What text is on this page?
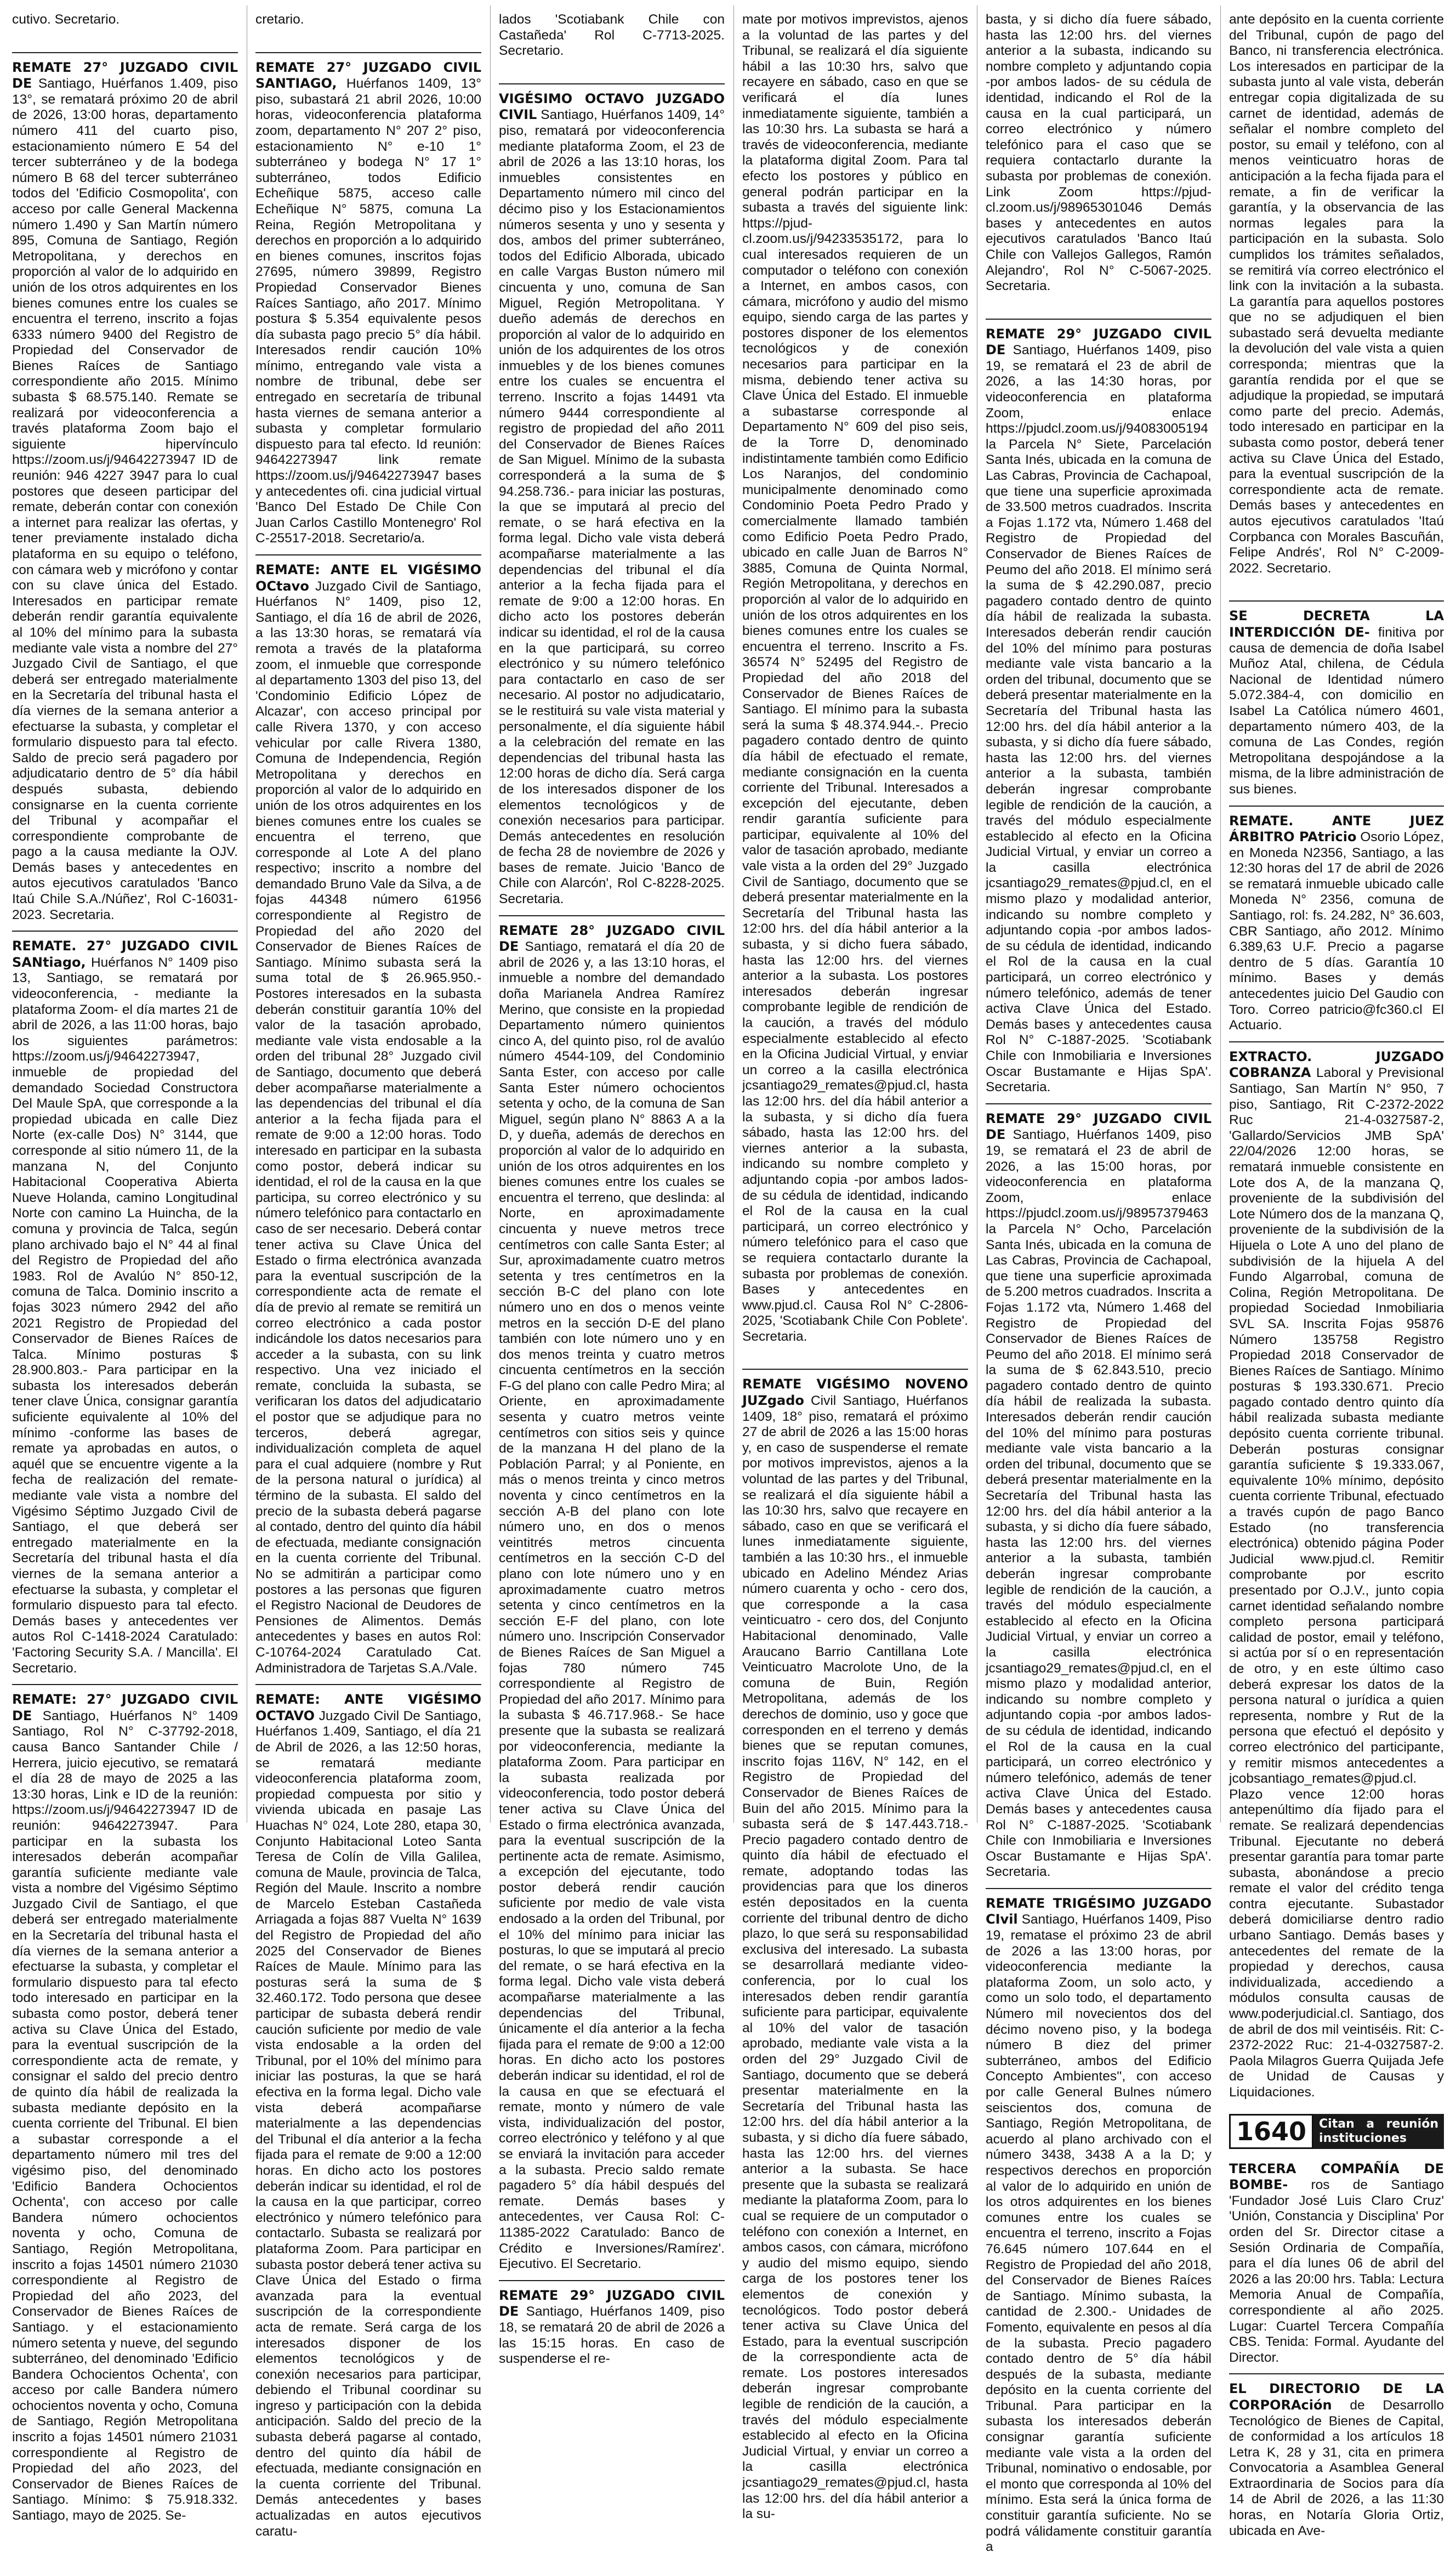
cutivo. Secretario.

REMATE 27° JUZGADO CIVIL DE Santiago, Huérfanos 1.409, piso 13°, se rematará próximo 20 de abril de 2026, 13:00 horas, departamento número 411 del cuarto piso, estacionamiento número E 54 del tercer subterráneo y de la bodega número B 68 del tercer subterráneo todos del 'Edificio Cosmopolita', con acceso por calle General Mackenna número 1.490 y San Martín número 895, Comuna de Santiago, Región Metropolitana, y derechos en proporción al valor de lo adquirido en unión de los otros adquirentes en los bienes comunes entre los cuales se encuentra el terreno, inscrito a fojas 6333 número 9400 del Registro de Propiedad del Conservador de Bienes Raíces de Santiago correspondiente año 2015. Mínimo subasta $ 68.575.140. Remate se realizará por videoconferencia a través plataforma Zoom bajo el siguiente hipervínculo https://zoom.us/j/94642273947 ID de reunión: 946 4227 3947 para lo cual postores que deseen participar del remate, deberán contar con conexión a internet para realizar las ofertas, y tener previamente instalado dicha plataforma en su equipo o teléfono, con cámara web y micrófono y contar con su clave única del Estado. Interesados en participar remate deberán rendir garantía equivalente al 10% del mínimo para la subasta mediante vale vista a nombre del 27° Juzgado Civil de Santiago, el que deberá ser entregado materialmente en la Secretaría del tribunal hasta el día viernes de la semana anterior a efectuarse la subasta, y completar el formulario dispuesto para tal efecto. Saldo de precio será pagadero por adjudicatario dentro de 5° día hábil después subasta, debiendo consignarse en la cuenta corriente del Tribunal y acompañar el correspondiente comprobante de pago a la causa mediante la OJV. Demás bases y antecedentes en autos ejecutivos caratulados 'Banco Itaú Chile S.A./Núñez', Rol C-16031-2023. Secretaria.

REMATE. 27° JUZGADO CIVIL SANtiago, Huérfanos N° 1409 piso 13, Santiago, se rematará por videoconferencia, - mediante la plataforma Zoom- el día martes 21 de abril de 2026, a las 11:00 horas, bajo los siguientes parámetros: https://zoom.us/j/94642273947, inmueble de propiedad del demandado Sociedad Constructora Del Maule SpA, que corresponde a la propiedad ubicada en calle Diez Norte (ex-calle Dos) N° 3144, que corresponde al sitio número 11, de la manzana N, del Conjunto Habitacional Cooperativa Abierta Nueve Holanda, camino Longitudinal Norte con camino La Huincha, de la comuna y provincia de Talca, según plano archivado bajo el N° 44 al final del Registro de Propiedad del año 1983. Rol de Avalúo N° 850-12, comuna de Talca. Dominio inscrito a fojas 3023 número 2942 del año 2021 Registro de Propiedad del Conservador de Bienes Raíces de Talca. Mínimo posturas $ 28.900.803.- Para participar en la subasta los interesados deberán tener clave Única, consignar garantía suficiente equivalente al 10% del mínimo -conforme las bases de remate ya aprobadas en autos, o aquél que se encuentre vigente a la fecha de realización del remate- mediante vale vista a nombre del Vigésimo Séptimo Juzgado Civil de Santiago, el que deberá ser entregado materialmente en la Secretaría del tribunal hasta el día viernes de la semana anterior a efectuarse la subasta, y completar el formulario dispuesto para tal efecto. Demás bases y antecedentes ver autos Rol C-1418-2024 Caratulado: 'Factoring Security S.A. / Mancilla'. El Secretario.

REMATE: 27° JUZGADO CIVIL DE Santiago, Huérfanos N° 1409 Santiago, Rol N° C-37792-2018, causa Banco Santander Chile / Herrera, juicio ejecutivo, se rematará el día 28 de mayo de 2025 a las 13:30 horas, Link e ID de la reunión: https://zoom.us/j/94642273947 ID de reunión: 94642273947. Para participar en la subasta los interesados deberán acompañar garantía suficiente mediante vale vista a nombre del Vigésimo Séptimo Juzgado Civil de Santiago, el que deberá ser entregado materialmente en la Secretaría del tribunal hasta el día viernes de la semana anterior a efectuarse la subasta, y completar el formulario dispuesto para tal efecto todo interesado en participar en la subasta como postor, deberá tener activa su Clave Única del Estado, para la eventual suscripción de la correspondiente acta de remate, y consignar el saldo del precio dentro de quinto día hábil de realizada la subasta mediante depósito en la cuenta corriente del Tribunal. El bien a subastar corresponde a el departamento número mil tres del vigésimo piso, del denominado 'Edificio Bandera Ochocientos Ochenta', con acceso por calle Bandera número ochocientos noventa y ocho, Comuna de Santiago, Región Metropolitana, inscrito a fojas 14501 número 21030 correspondiente al Registro de Propiedad del año 2023, del Conservador de Bienes Raíces de Santiago. y el estacionamiento número setenta y nueve, del segundo subterráneo, del denominado 'Edificio Bandera Ochocientos Ochenta', con acceso por calle Bandera número ochocientos noventa y ocho, Comuna de Santiago, Región Metropolitana inscrito a fojas 14501 número 21031 correspondiente al Registro de Propiedad del año 2023, del Conservador de Bienes Raíces de Santiago. Mínimo: $ 75.918.332. Santiago, mayo de 2025. Se-

cretario.

REMATE 27° JUZGADO CIVIL SANTIAGO, Huérfanos 1409, 13° piso, subastará 21 abril 2026, 10:00 horas, videoconferencia plataforma zoom, departamento N° 207 2° piso, estacionamiento N° e-10 1° subterráneo y bodega N° 17 1° subterráneo, todos Edificio Echeñique 5875, acceso calle Echeñique N° 5875, comuna La Reina, Región Metropolitana y derechos en proporción a lo adquirido en bienes comunes, inscritos fojas 27695, número 39899, Registro Propiedad Conservador Bienes Raíces Santiago, año 2017. Mínimo postura $ 5.354 equivalente pesos día subasta pago precio 5° día hábil. Interesados rendir caución 10% mínimo, entregando vale vista a nombre de tribunal, debe ser entregado en secretaría de tribunal hasta viernes de semana anterior a subasta y completar formulario dispuesto para tal efecto. Id reunión: 94642273947 link remate https://zoom.us/j/94642273947 bases y antecedentes ofi. cina judicial virtual 'Banco Del Estado De Chile Con Juan Carlos Castillo Montenegro' Rol C-25517-2018. Secretario/a.

REMATE: ANTE EL VIGÉSIMO OCtavo Juzgado Civil de Santiago, Huérfanos N° 1409, piso 12, Santiago, el día 16 de abril de 2026, a las 13:30 horas, se rematará vía remota a través de la plataforma zoom, el inmueble que corresponde al departamento 1303 del piso 13, del 'Condominio Edificio López de Alcazar', con acceso principal por calle Rivera 1370, y con acceso vehicular por calle Rivera 1380, Comuna de Independencia, Región Metropolitana y derechos en proporción al valor de lo adquirido en unión de los otros adquirentes en los bienes comunes entre los cuales se encuentra el terreno, que corresponde al Lote A del plano respectivo; inscrito a nombre del demandado Bruno Vale da Silva, a de fojas 44348 número 61956 correspondiente al Registro de Propiedad del año 2020 del Conservador de Bienes Raíces de Santiago. Mínimo subasta será la suma total de $ 26.965.950.- Postores interesados en la subasta deberán constituir garantía 10% del valor de la tasación aprobado, mediante vale vista endosable a la orden del tribunal 28° Juzgado civil de Santiago, documento que deberá deber acompañarse materialmente a las dependencias del tribunal el día anterior a la fecha fijada para el remate de 9:00 a 12:00 horas. Todo interesado en participar en la subasta como postor, deberá indicar su identidad, el rol de la causa en la que participa, su correo electrónico y su número telefónico para contactarlo en caso de ser necesario. Deberá contar tener activa su Clave Única del Estado o firma electrónica avanzada para la eventual suscripción de la correspondiente acta de remate el día de previo al remate se remitirá un correo electrónico a cada postor indicándole los datos necesarios para acceder a la subasta, con su link respectivo. Una vez iniciado el remate, concluida la subasta, se verificaran los datos del adjudicatario el postor que se adjudique para no terceros, deberá agregar, individualización completa de aquel para el cual adquiere (nombre y Rut de la persona natural o jurídica) al término de la subasta. El saldo del precio de la subasta deberá pagarse al contado, dentro del quinto día hábil de efectuada, mediante consignación en la cuenta corriente del Tribunal. No se admitirán a participar como postores a las personas que figuren el Registro Nacional de Deudores de Pensiones de Alimentos. Demás antecedentes y bases en autos Rol: C-10764-2024 Caratulado Cat. Administradora de Tarjetas S.A./Vale.

REMATE: ANTE VIGÉSIMO OCTAVO Juzgado Civil De Santiago, Huérfanos 1.409, Santiago, el día 21 de Abril de 2026, a las 12:50 horas, se rematará mediante videoconferencia plataforma zoom, propiedad compuesta por sitio y vivienda ubicada en pasaje Las Huachas N° 024, Lote 280, etapa 30, Conjunto Habitacional Loteo Santa Teresa de Colín de Villa Galilea, comuna de Maule, provincia de Talca, Región del Maule. Inscrito a nombre de Marcelo Esteban Castañeda Arriagada a fojas 887 Vuelta N° 1639 del Registro de Propiedad del año 2025 del Conservador de Bienes Raíces de Maule. Mínimo para las posturas será la suma de $ 32.460.172. Todo persona que desee participar de subasta deberá rendir caución suficiente por medio de vale vista endosable a la orden del Tribunal, por el 10% del mínimo para iniciar las posturas, la que se hará efectiva en la forma legal. Dicho vale vista deberá acompañarse materialmente a las dependencias del Tribunal el día anterior a la fecha fijada para el remate de 9:00 a 12:00 horas. En dicho acto los postores deberán indicar su identidad, el rol de la causa en la que participar, correo electrónico y número telefónico para contactarlo. Subasta se realizará por plataforma Zoom. Para participar en subasta postor deberá tener activa su Clave Única del Estado o firma avanzada para la eventual suscripción de la correspondiente acta de remate. Será carga de los interesados disponer de los elementos tecnológicos y de conexión necesarios para participar, debiendo el Tribunal coordinar su ingreso y participación con la debida anticipación. Saldo del precio de la subasta deberá pagarse al contado, dentro del quinto día hábil de efectuada, mediante consignación en la cuenta corriente del Tribunal. Demás antecedentes y bases actualizadas en autos ejecutivos caratu-

lados 'Scotiabank Chile con Castañeda' Rol C-7713-2025. Secretario.

VIGÉSIMO OCTAVO JUZGADO CIVIL Santiago, Huérfanos 1409, 14° piso, rematará por videoconferencia mediante plataforma Zoom, el 23 de abril de 2026 a las 13:10 horas, los inmuebles consistentes en Departamento número mil cinco del décimo piso y los Estacionamientos números sesenta y uno y sesenta y dos, ambos del primer subterráneo, todos del Edificio Alborada, ubicado en calle Vargas Buston número mil cincuenta y uno, comuna de San Miguel, Región Metropolitana. Y dueño además de derechos en proporción al valor de lo adquirido en unión de los adquirentes de los otros inmuebles y de los bienes comunes entre los cuales se encuentra el terreno. Inscrito a fojas 14491 vta número 9444 correspondiente al registro de propiedad del año 2011 del Conservador de Bienes Raíces de San Miguel. Mínimo de la subasta corresponderá a la suma de $ 94.258.736.- para iniciar las posturas, la que se imputará al precio del remate, o se hará efectiva en la forma legal. Dicho vale vista deberá acompañarse materialmente a las dependencias del tribunal el día anterior a la fecha fijada para el remate de 9:00 a 12:00 horas. En dicho acto los postores deberán indicar su identidad, el rol de la causa en la que participará, su correo electrónico y su número telefónico para contactarlo en caso de ser necesario. Al postor no adjudicatario, se le restituirá su vale vista material y personalmente, el día siguiente hábil a la celebración del remate en las dependencias del tribunal hasta las 12:00 horas de dicho día. Será carga de los interesados disponer de los elementos tecnológicos y de conexión necesarios para participar. Demás antecedentes en resolución de fecha 28 de noviembre de 2026 y bases de remate. Juicio 'Banco de Chile con Alarcón', Rol C-8228-2025. Secretaria.

REMATE 28° JUZGADO CIVIL DE Santiago, rematará el día 20 de abril de 2026 y, a las 13:10 horas, el inmueble a nombre del demandado doña Marianela Andrea Ramírez Merino, que consiste en la propiedad Departamento número quinientos cinco A, del quinto piso, rol de avalúo número 4544-109, del Condominio Santa Ester, con acceso por calle Santa Ester número ochocientos setenta y ocho, de la comuna de San Miguel, según plano N° 8863 A a la D, y dueña, además de derechos en proporción al valor de lo adquirido en unión de los otros adquirentes en los bienes comunes entre los cuales se encuentra el terreno, que deslinda: al Norte, en aproximadamente cincuenta y nueve metros trece centímetros con calle Santa Ester; al Sur, aproximadamente cuatro metros setenta y tres centímetros en la sección B-C del plano con lote número uno en dos o menos veinte metros en la sección D-E del plano también con lote número uno y en dos menos treinta y cuatro metros cincuenta centímetros en la sección F-G del plano con calle Pedro Mira; al Oriente, en aproximadamente sesenta y cuatro metros veinte centímetros con sitios seis y quince de la manzana H del plano de la Población Parral; y al Poniente, en más o menos treinta y cinco metros noventa y cinco centímetros en la sección A-B del plano con lote número uno, en dos o menos veintitrés metros cincuenta centímetros en la sección C-D del plano con lote número uno y en aproximadamente cuatro metros setenta y cinco centímetros en la sección E-F del plano, con lote número uno. Inscripción Conservador de Bienes Raíces de San Miguel a fojas 780 número 745 correspondiente al Registro de Propiedad del año 2017. Mínimo para la subasta $ 46.717.968.- Se hace presente que la subasta se realizará por videoconferencia, mediante la plataforma Zoom. Para participar en la subasta realizada por videoconferencia, todo postor deberá tener activa su Clave Única del Estado o firma electrónica avanzada, para la eventual suscripción de la pertinente acta de remate. Asimismo, a excepción del ejecutante, todo postor deberá rendir caución suficiente por medio de vale vista endosado a la orden del Tribunal, por el 10% del mínimo para iniciar las posturas, lo que se imputará al precio del remate, o se hará efectiva en la forma legal. Dicho vale vista deberá acompañarse materialmente a las dependencias del Tribunal, únicamente el día anterior a la fecha fijada para el remate de 9:00 a 12:00 horas. En dicho acto los postores deberán indicar su identidad, el rol de la causa en que se efectuará el remate, monto y número de vale vista, individualización del postor, correo electrónico y teléfono y al que se enviará la invitación para acceder a la subasta. Precio saldo remate pagadero 5° día hábil después del remate. Demás bases y antecedentes, ver Causa Rol: C-11385-2022 Caratulado: Banco de Crédito e Inversiones/Ramírez'. Ejecutivo. El Secretario.

REMATE 29° JUZGADO CIVIL DE Santiago, Huérfanos 1409, piso 18, se rematará 20 de abril de 2026 a las 15:15 horas. En caso de suspenderse el re-

mate por motivos imprevistos, ajenos a la voluntad de las partes y del Tribunal, se realizará el día siguiente hábil a las 10:30 hrs, salvo que recayere en sábado, caso en que se verificará el día lunes inmediatamente siguiente, también a las 10:30 hrs. La subasta se hará a través de videoconferencia, mediante la plataforma digital Zoom. Para tal efecto los postores y público en general podrán participar en la subasta a través del siguiente link: https://pjud-cl.zoom.us/j/94233535172, para lo cual interesados requieren de un computador o teléfono con conexión a Internet, en ambos casos, con cámara, micrófono y audio del mismo equipo, siendo carga de las partes y postores disponer de los elementos tecnológicos y de conexión necesarios para participar en la misma, debiendo tener activa su Clave Única del Estado. El inmueble a subastarse corresponde al Departamento N° 609 del piso seis, de la Torre D, denominado indistintamente también como Edificio Los Naranjos, del condominio municipalmente denominado como Condominio Poeta Pedro Prado y comercialmente llamado también como Edificio Poeta Pedro Prado, ubicado en calle Juan de Barros N° 3885, Comuna de Quinta Normal, Región Metropolitana, y derechos en proporción al valor de lo adquirido en unión de los otros adquirentes en los bienes comunes entre los cuales se encuentra el terreno. Inscrito a Fs. 36574 N° 52495 del Registro de Propiedad del año 2018 del Conservador de Bienes Raíces de Santiago. El mínimo para la subasta será la suma $ 48.374.944.-. Precio pagadero contado dentro de quinto día hábil de efectuado el remate, mediante consignación en la cuenta corriente del Tribunal. Interesados a excepción del ejecutante, deben rendir garantía suficiente para participar, equivalente al 10% del valor de tasación aprobado, mediante vale vista a la orden del 29° Juzgado Civil de Santiago, documento que se deberá presentar materialmente en la Secretaría del Tribunal hasta las 12:00 hrs. del día hábil anterior a la subasta, y si dicho fuera sábado, hasta las 12:00 hrs. del viernes anterior a la subasta. Los postores interesados deberán ingresar comprobante legible de rendición de la caución, a través del módulo especialmente establecido al efecto en la Oficina Judicial Virtual, y enviar un correo a la casilla electrónica jcsantiago29_remates@pjud.cl, hasta las 12:00 hrs. del día hábil anterior a la subasta, y si dicho día fuera sábado, hasta las 12:00 hrs. del viernes anterior a la subasta, indicando su nombre completo y adjuntando copia -por ambos lados- de su cédula de identidad, indicando el Rol de la causa en la cual participará, un correo electrónico y número telefónico para el caso que se requiera contactarlo durante la subasta por problemas de conexión. Bases y antecedentes en www.pjud.cl. Causa Rol N° C-2806-2025, 'Scotiabank Chile Con Poblete'. Secretaria.

REMATE VIGÉSIMO NOVENO JUZgado Civil Santiago, Huérfanos 1409, 18° piso, rematará el próximo 27 de abril de 2026 a las 15:00 horas y, en caso de suspenderse el remate por motivos imprevistos, ajenos a la voluntad de las partes y del Tribunal, se realizará el día siguiente hábil a las 10:30 hrs, salvo que recayere en sábado, caso en que se verificará el lunes inmediatamente siguiente, también a las 10:30 hrs., el inmueble ubicado en Adelino Méndez Arias número cuarenta y ocho - cero dos, que corresponde a la casa veinticuatro - cero dos, del Conjunto Habitacional denominado, Valle Araucano Barrio Cantillana Lote Veinticuatro Macrolote Uno, de la comuna de Buin, Región Metropolitana, además de los derechos de dominio, uso y goce que corresponden en el terreno y demás bienes que se reputan comunes, inscrito fojas 116V, N° 142, en el Registro de Propiedad del Conservador de Bienes Raíces de Buin del año 2015. Mínimo para la subasta será de $ 147.443.718.- Precio pagadero contado dentro de quinto día hábil de efectuado el remate, adoptando todas las providencias para que los dineros estén depositados en la cuenta corriente del tribunal dentro de dicho plazo, lo que será su responsabilidad exclusiva del interesado. La subasta se desarrollará mediante video-conferencia, por lo cual los interesados deben rendir garantía suficiente para participar, equivalente al 10% del valor de tasación aprobado, mediante vale vista a la orden del 29° Juzgado Civil de Santiago, documento que se deberá presentar materialmente en la Secretaría del Tribunal hasta las 12:00 hrs. del día hábil anterior a la subasta, y si dicho día fuere sábado, hasta las 12:00 hrs. del viernes anterior a la subasta. Se hace presente que la subasta se realizará mediante la plataforma Zoom, para lo cual se requiere de un computador o teléfono con conexión a Internet, en ambos casos, con cámara, micrófono y audio del mismo equipo, siendo carga de los postores tener los elementos de conexión y tecnológicos. Todo postor deberá tener activa su Clave Única del Estado, para la eventual suscripción de la correspondiente acta de remate. Los postores interesados deberán ingresar comprobante legible de rendición de la caución, a través del módulo especialmente establecido al efecto en la Oficina Judicial Virtual, y enviar un correo a la casilla electrónica jcsantiago29_remates@pjud.cl, hasta las 12:00 hrs. del día hábil anterior a la su-

basta, y si dicho día fuere sábado, hasta las 12:00 hrs. del viernes anterior a la subasta, indicando su nombre completo y adjuntando copia -por ambos lados- de su cédula de identidad, indicando el Rol de la causa en la cual participará, un correo electrónico y número telefónico para el caso que se requiera contactarlo durante la subasta por problemas de conexión. Link Zoom https://pjud-cl.zoom.us/j/98965301046 Demás bases y antecedentes en autos ejecutivos caratulados 'Banco Itaú Chile con Vallejos Gallegos, Ramón Alejandro', Rol N° C-5067-2025. Secretaria.

REMATE 29° JUZGADO CIVIL DE Santiago, Huérfanos 1409, piso 19, se rematará el 23 de abril de 2026, a las 14:30 horas, por videoconferencia en plataforma Zoom, enlace https://pjudcl.zoom.us/j/94083005194 la Parcela N° Siete, Parcelación Santa Inés, ubicada en la comuna de Las Cabras, Provincia de Cachapoal, que tiene una superficie aproximada de 33.500 metros cuadrados. Inscrita a Fojas 1.172 vta, Número 1.468 del Registro de Propiedad del Conservador de Bienes Raíces de Peumo del año 2018. El mínimo será la suma de $ 42.290.087, precio pagadero contado dentro de quinto día hábil de realizada la subasta. Interesados deberán rendir caución del 10% del mínimo para posturas mediante vale vista bancario a la orden del tribunal, documento que se deberá presentar materialmente en la Secretaría del Tribunal hasta las 12:00 hrs. del día hábil anterior a la subasta, y si dicho día fuere sábado, hasta las 12:00 hrs. del viernes anterior a la subasta, también deberán ingresar comprobante legible de rendición de la caución, a través del módulo especialmente establecido al efecto en la Oficina Judicial Virtual, y enviar un correo a la casilla electrónica jcsantiago29_remates@pjud.cl, en el mismo plazo y modalidad anterior, indicando su nombre completo y adjuntando copia -por ambos lados- de su cédula de identidad, indicando el Rol de la causa en la cual participará, un correo electrónico y número telefónico, además de tener activa Clave Única del Estado. Demás bases y antecedentes causa Rol N° C-1887-2025. 'Scotiabank Chile con Inmobiliaria e Inversiones Oscar Bustamante e Hijas SpA'. Secretaria.

REMATE 29° JUZGADO CIVIL DE Santiago, Huérfanos 1409, piso 19, se rematará el 23 de abril de 2026, a las 15:00 horas, por videoconferencia en plataforma Zoom, enlace https://pjudcl.zoom.us/j/98957379463 la Parcela N° Ocho, Parcelación Santa Inés, ubicada en la comuna de Las Cabras, Provincia de Cachapoal, que tiene una superficie aproximada de 5.200 metros cuadrados. Inscrita a Fojas 1.172 vta, Número 1.468 del Registro de Propiedad del Conservador de Bienes Raíces de Peumo del año 2018. El mínimo será la suma de $ 62.843.510, precio pagadero contado dentro de quinto día hábil de realizada la subasta. Interesados deberán rendir caución del 10% del mínimo para posturas mediante vale vista bancario a la orden del tribunal, documento que se deberá presentar materialmente en la Secretaría del Tribunal hasta las 12:00 hrs. del día hábil anterior a la subasta, y si dicho día fuere sábado, hasta las 12:00 hrs. del viernes anterior a la subasta, también deberán ingresar comprobante legible de rendición de la caución, a través del módulo especialmente establecido al efecto en la Oficina Judicial Virtual, y enviar un correo a la casilla electrónica jcsantiago29_remates@pjud.cl, en el mismo plazo y modalidad anterior, indicando su nombre completo y adjuntando copia -por ambos lados- de su cédula de identidad, indicando el Rol de la causa en la cual participará, un correo electrónico y número telefónico, además de tener activa Clave Única del Estado. Demás bases y antecedentes causa Rol N° C-1887-2025. 'Scotiabank Chile con Inmobiliaria e Inversiones Oscar Bustamante e Hijas SpA'. Secretaria.

REMATE TRIGÉSIMO JUZGADO CIvil Santiago, Huérfanos 1409, Piso 19, rematase el próximo 23 de abril de 2026 a las 13:00 horas, por videoconferencia mediante la plataforma Zoom, un solo acto, y como un solo todo, el departamento Número mil novecientos dos del décimo noveno piso, y la bodega número B diez del primer subterráneo, ambos del Edificio Concepto Ambientes'', con acceso por calle General Bulnes número seiscientos dos, comuna de Santiago, Región Metropolitana, de acuerdo al plano archivado con el número 3438, 3438 A a la D; y respectivos derechos en proporción al valor de lo adquirido en unión de los otros adquirentes en los bienes comunes entre los cuales se encuentra el terreno, inscrito a Fojas 76.645 número 107.644 en el Registro de Propiedad del año 2018, del Conservador de Bienes Raíces de Santiago. Mínimo subasta, la cantidad de 2.300.- Unidades de Fomento, equivalente en pesos al día de la subasta. Precio pagadero contado dentro de 5° día hábil después de la subasta, mediante depósito en la cuenta corriente del Tribunal. Para participar en la subasta los interesados deberán consignar garantía suficiente mediante vale vista a la orden del Tribunal, nominativo o endosable, por el monto que corresponda al 10% del mínimo. Esta será la única forma de constituir garantía suficiente. No se podrá válidamente constituir garantía a

ante depósito en la cuenta corriente del Tribunal, cupón de pago del Banco, ni transferencia electrónica. Los interesados en participar de la subasta junto al vale vista, deberán entregar copia digitalizada de su carnet de identidad, además de señalar el nombre completo del postor, su email y teléfono, con al menos veinticuatro horas de anticipación a la fecha fijada para el remate, a fin de verificar la garantía, y la observancia de las normas legales para la participación en la subasta. Solo cumplidos los trámites señalados, se remitirá vía correo electrónico el link con la invitación a la subasta. La garantía para aquellos postores que no se adjudiquen el bien subastado será devuelta mediante la devolución del vale vista a quien corresponda; mientras que la garantía rendida por el que se adjudique la propiedad, se imputará como parte del precio. Además, todo interesado en participar en la subasta como postor, deberá tener activa su Clave Única del Estado, para la eventual suscripción de la correspondiente acta de remate. Demás bases y antecedentes en autos ejecutivos caratulados 'Itaú Corpbanca con Morales Bascuñán, Felipe Andrés', Rol N° C-2009-2022. Secretario.

SE DECRETA LA INTERDICCIÓN DE- finitiva por causa de demencia de doña Isabel Muñoz Atal, chilena, de Cédula Nacional de Identidad número 5.072.384-4, con domicilio en Isabel La Católica número 4601, departamento número 403, de la comuna de Las Condes, región Metropolitana despojándose a la misma, de la libre administración de sus bienes.

REMATE. ANTE JUEZ ÁRBITRO PAtricio Osorio López, en Moneda N2356, Santiago, a las 12:30 horas del 17 de abril de 2026 se rematará inmueble ubicado calle Moneda N° 2356, comuna de Santiago, rol: fs. 24.282, N° 36.603, CBR Santiago, año 2012. Mínimo 6.389,63 U.F. Precio a pagarse dentro de 5 días. Garantía 10 mínimo. Bases y demás antecedentes juicio Del Gaudio con Toro. Correo patricio@fc360.cl El Actuario.

EXTRACTO. JUZGADO COBRANZA Laboral y Previsional Santiago, San Martín N° 950, 7 piso, Santiago, Rit C-2372-2022 Ruc 21-4-0327587-2, 'Gallardo/Servicios JMB SpA' 22/04/2026 12:00 horas, se rematará inmueble consistente en Lote dos A, de la manzana Q, proveniente de la subdivisión del Lote Número dos de la manzana Q, proveniente de la subdivisión de la Hijuela o Lote A uno del plano de subdivisión de la hijuela A del Fundo Algarrobal, comuna de Colina, Región Metropolitana. De propiedad Sociedad Inmobiliaria SVL SA. Inscrita Fojas 95876 Número 135758 Registro Propiedad 2018 Conservador de Bienes Raíces de Santiago. Mínimo posturas $ 193.330.671. Precio pagado contado dentro quinto día hábil realizada subasta mediante depósito cuenta corriente tribunal. Deberán posturas consignar garantía suficiente $ 19.333.067, equivalente 10% mínimo, depósito cuenta corriente Tribunal, efectuado a través cupón de pago Banco Estado (no transferencia electrónica) obtenido página Poder Judicial www.pjud.cl. Remitir comprobante por escrito presentado por O.J.V., junto copia carnet identidad señalando nombre completo persona participará calidad de postor, email y teléfono, si actúa por sí o en representación de otro, y en este último caso deberá expresar los datos de la persona natural o jurídica a quien representa, nombre y Rut de la persona que efectuó el depósito y correo electrónico del participante, y remitir mismos antecedentes a jcobsantiago_remates@pjud.cl. Plazo vence 12:00 horas antepenúltimo día fijado para el remate. Se realizará dependencias Tribunal. Ejecutante no deberá presentar garantía para tomar parte subasta, abonándose a precio remate el valor del crédito tenga contra ejecutante. Subastador deberá domiciliarse dentro radio urbano Santiago. Demás bases y antecedentes del remate de la propiedad y derechos, causa individualizada, accediendo a módulos consulta causas de www.poderjudicial.cl. Santiago, dos de abril de dos mil veintiséis. Rit: C-2372-2022 Ruc: 21-4-0327587-2. Paola Milagros Guerra Quijada Jefe de Unidad de Causas y Liquidaciones.

1640	Citan a reunión instituciones
TERCERA COMPAÑÍA DE BOMBE- ros de Santiago 'Fundador José Luis Claro Cruz' 'Unión, Constancia y Disciplina' Por orden del Sr. Director citase a Sesión Ordinaria de Compañía, para el día lunes 06 de abril del 2026 a las 20:00 hrs. Tabla: Lectura Memoria Anual de Compañía, correspondiente al año 2025. Lugar: Cuartel Tercera Compañía CBS. Tenida: Formal. Ayudante del Director.

EL DIRECTORIO DE LA CORPORAción de Desarrollo Tecnológico de Bienes de Capital, de conformidad a los artículos 18 Letra K, 28 y 31, cita en primera Convocatoria a Asamblea General Extraordinaria de Socios para día 14 de Abril de 2026, a las 11:30 horas, en Notaría Gloria Ortiz, ubicada en Ave-
